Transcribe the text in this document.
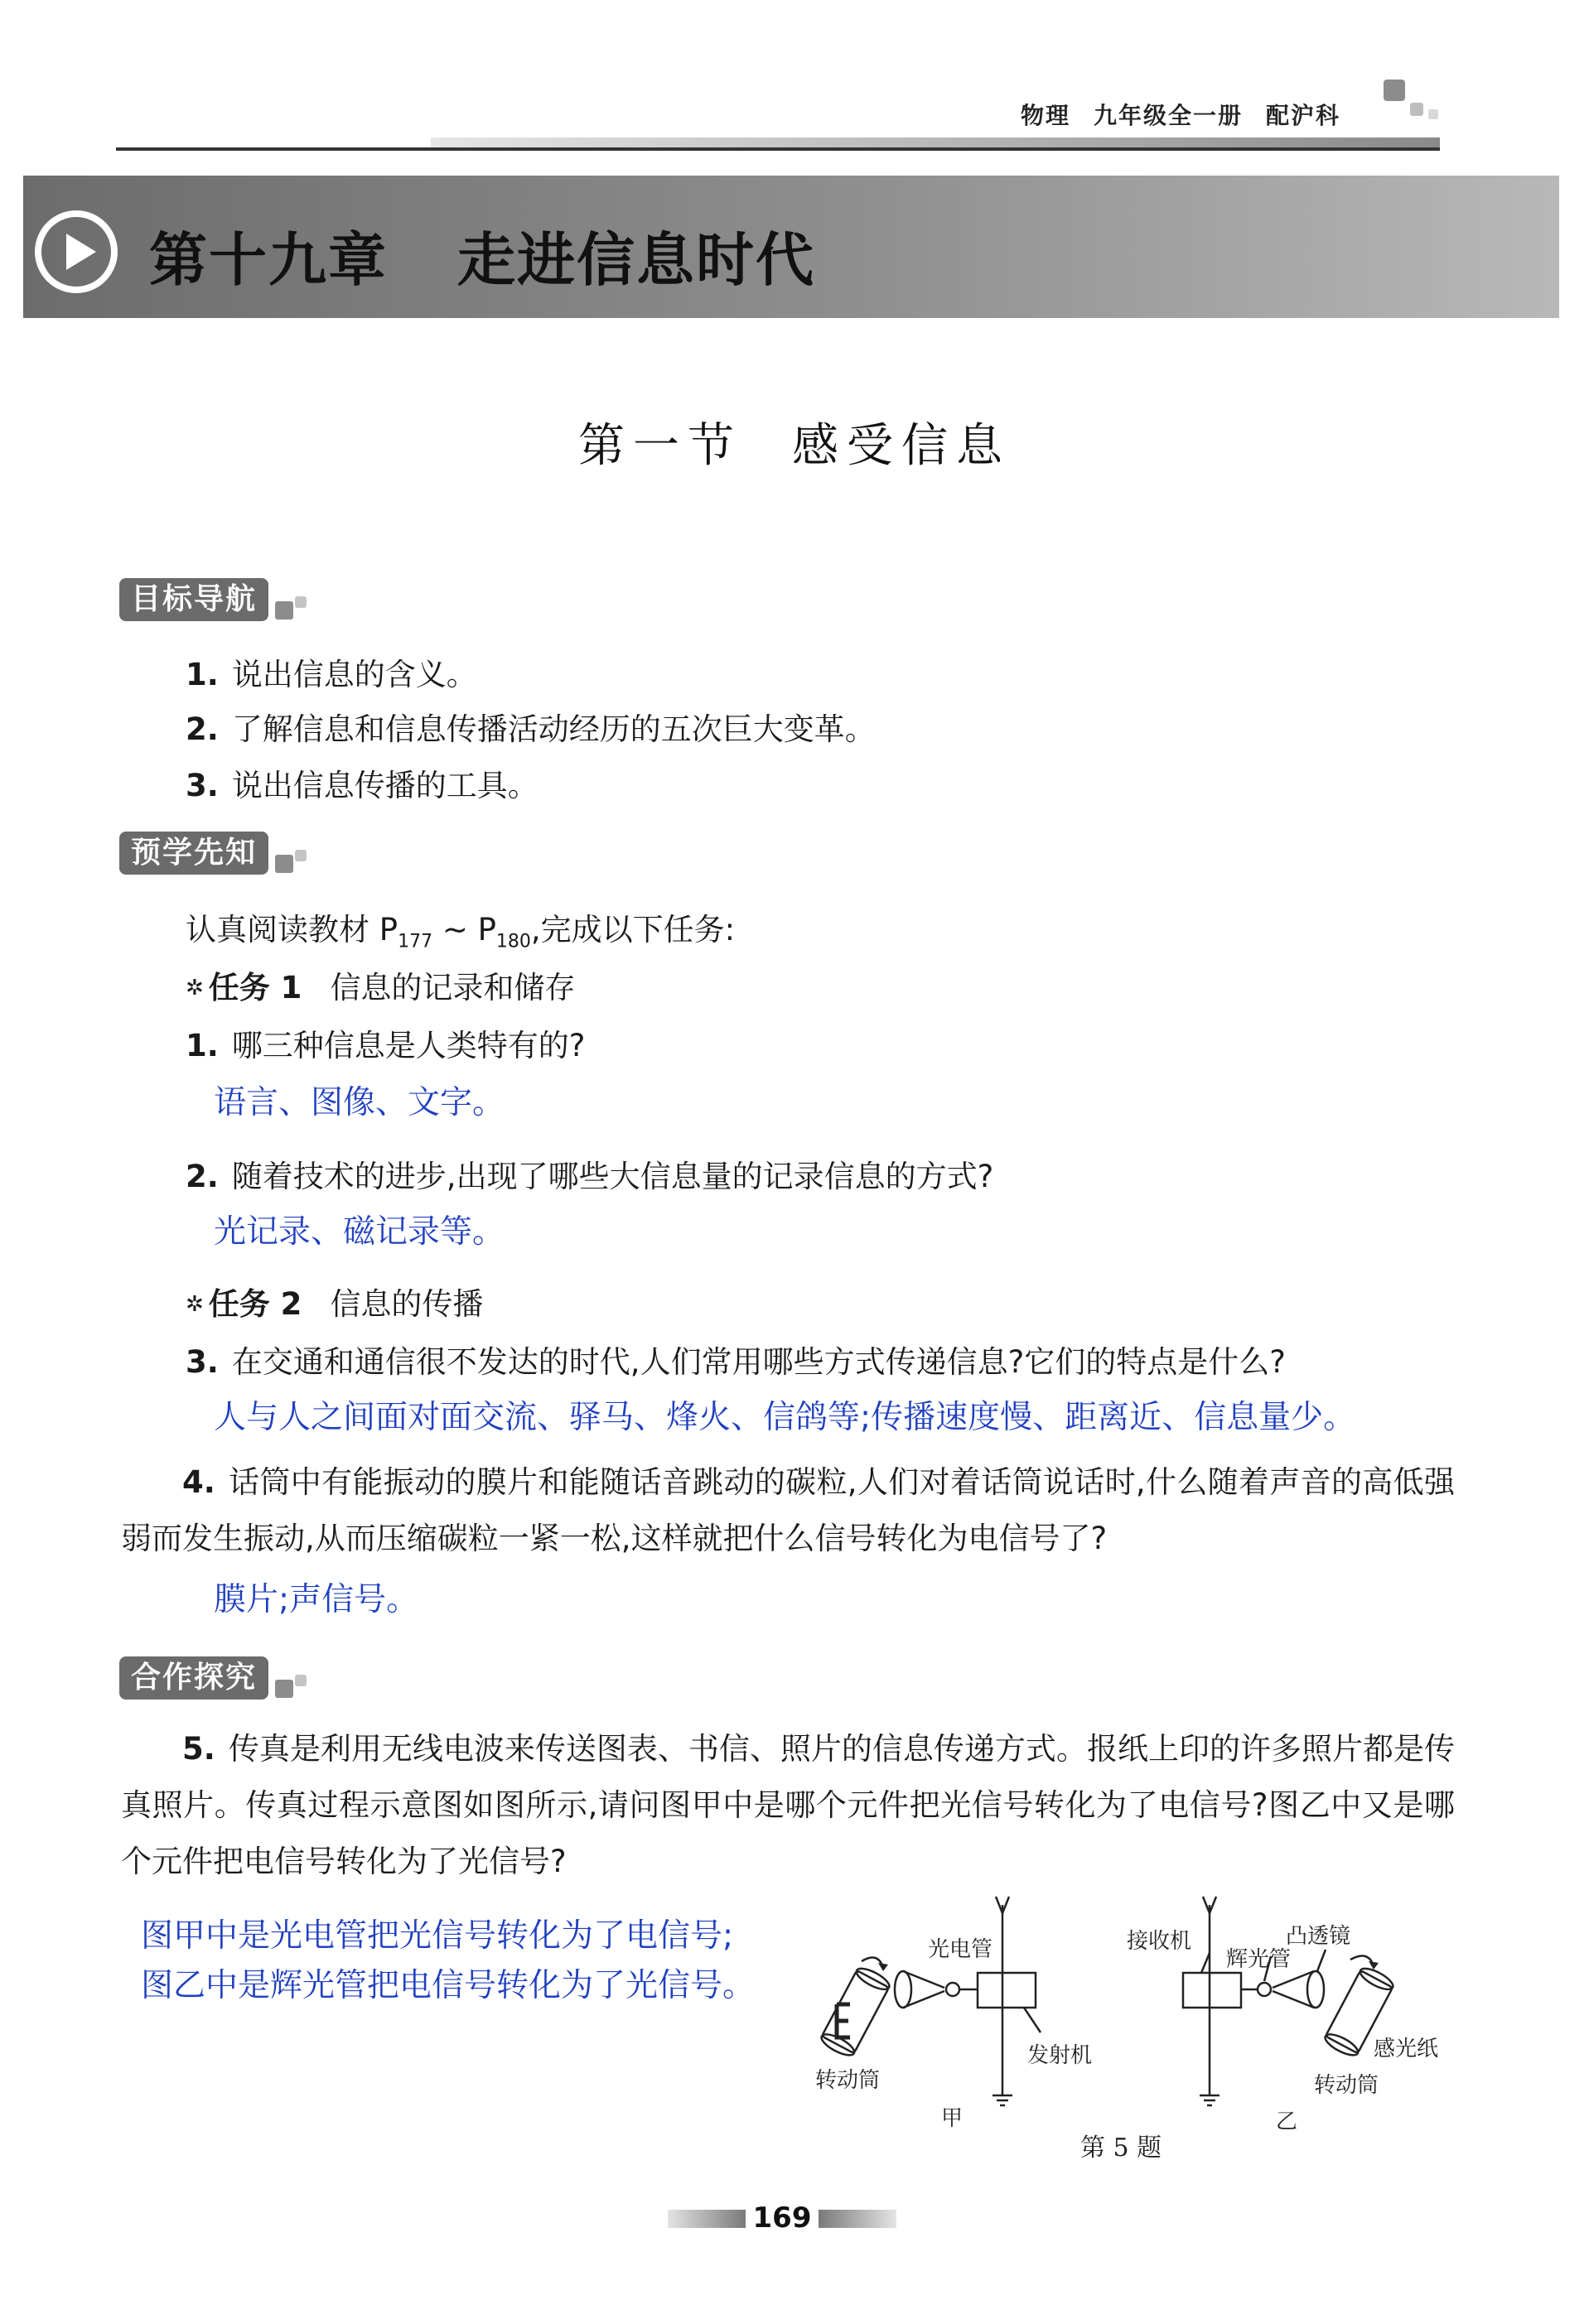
物理 九年级全一册 配沪科
第十九章 走进信息时代
第一节 感受信息
目标导航
1. 说出信息的含义。
2. 了解信息和信息传播活动经历的五次巨大变革。
3. 说出信息传播的工具。
预学先知
认真阅读教材 $P_{177}$ ~ $P_{180}$,完成以下任务:
✲ 任务 1 信息的记录和储存
1. 哪三种信息是人类特有的?
语言、图像、文字。
2. 随着技术的进步,出现了哪些大信息量的记录信息的方式?
光记录、磁记录等。
✲ 任务 2 信息的传播
3. 在交通和通信很不发达的时代,人们常用哪些方式传递信息?它们的特点是什么?
人与人之间面对面交流、驿马、烽火、信鸽等;传播速度慢、距离近、信息量少。
4. 话筒中有能振动的膜片和能随话音跳动的碳粒,人们对着话筒说话时,什么随着声音的高低强弱而发生振动,从而压缩碳粒一紧一松,这样就把什么信号转化为电信号了?
膜片;声信号。
合作探究
5. 传真是利用无线电波来传送图表、书信、照片的信息传递方式。报纸上印的许多照片都是传真照片。传真过程示意图如图所示,请问图甲中是哪个元件把光信号转化为了电信号?图乙中又是哪个元件把电信号转化为了光信号?
图甲中是光电管把光信号转化为了电信号;
图乙中是辉光管把电信号转化为了光信号。
光电管
发射机
转动筒
甲
接收机
辉光管
凸透镜
感光纸
转动筒
乙
第 5 题
169
